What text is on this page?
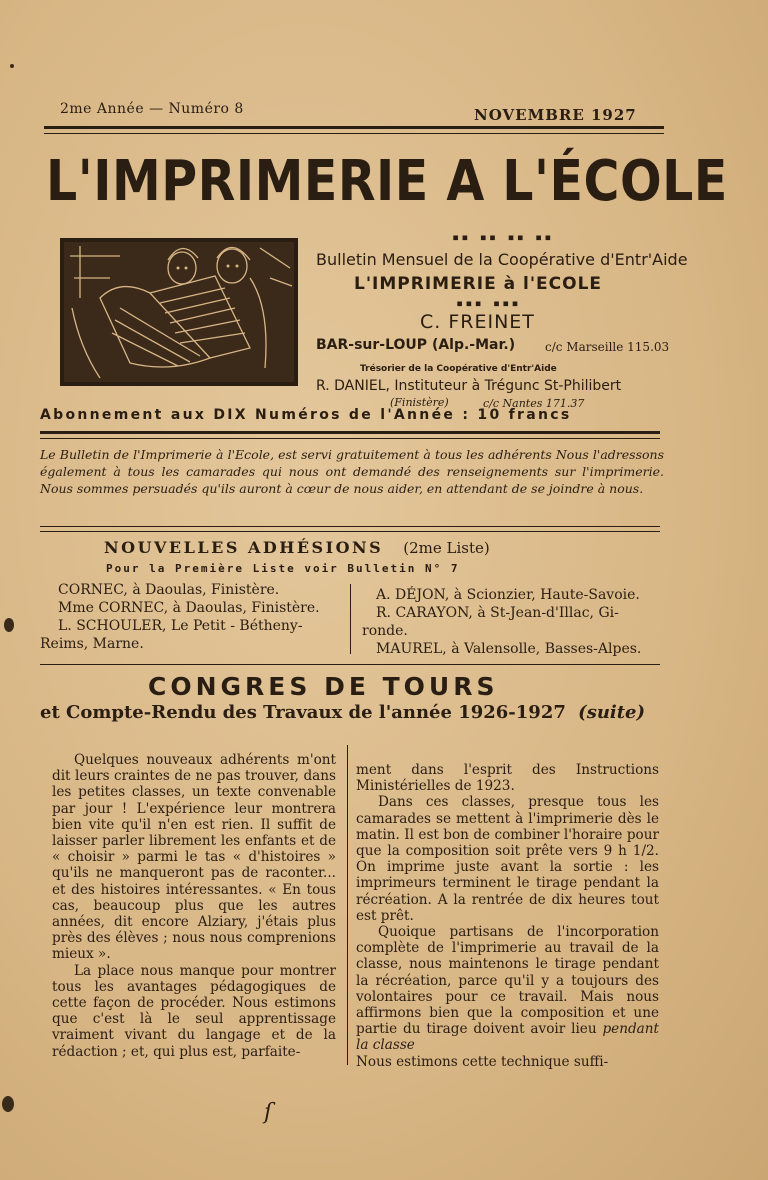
2me Année — Numéro 8	NOVEMBRE 1927
L'IMPRIMERIE A L'ÉCOLE
▪▪ ▪▪ ▪▪ ▪▪
Bulletin Mensuel de la Coopérative d'Entr'Aide
L'IMPRIMERIE à l'ECOLE
▪▪▪ ▪▪▪
C. FREINET
BAR-sur-LOUP (Alp.-Mar.) c/c Marseille 115.03
Trésorier de la Coopérative d'Entr'Aide
R. DANIEL, Instituteur à Trégunc St-Philibert
(Finistère)	c/c Nantes 171.37
Abonnement aux DIX Numéros de l'Année : 10 francs
Le Bulletin de l'Imprimerie à l'Ecole, est servi gratuitement à tous les adhérents Nous l'adressons également à tous les camarades qui nous ont demandé des renseignements sur l'imprimerie. Nous sommes persuadés qu'ils auront à cœur de nous aider, en attendant de se joindre à nous.
NOUVELLES ADHÉSIONS (2me Liste)
Pour la Première Liste voir Bulletin N° 7
CORNEC, à Daoulas, Finistère.
Mme CORNEC, à Daoulas, Finistère.
L. SCHOULER, Le Petit - Bétheny-
Reims, Marne.
A. DÉJON, à Scionzier, Haute-Savoie.
R. CARAYON, à St-Jean-d'Illac, Gi-
ronde.
MAUREL, à Valensolle, Basses-Alpes.
CONGRES DE TOURS
et Compte-Rendu des Travaux de l'année 1926-1927 (suite)

Quelques nouveaux adhérents m'ont dit leurs craintes de ne pas trouver, dans les petites classes, un texte convenable par jour ! L'expérience leur montrera bien vite qu'il n'en est rien. Il suffit de laisser parler librement les enfants et de « choisir » parmi le tas « d'histoires » qu'ils ne manqueront pas de raconter... et des histoires intéressantes. « En tous cas, beaucoup plus que les autres années, dit encore Alziary, j'étais plus près des élèves ; nous nous comprenions mieux ».

La place nous manque pour montrer tous les avantages pédagogiques de cette façon de procéder. Nous estimons que c'est là le seul apprentissage vraiment vivant du langage et de la rédaction ; et, qui plus est, parfaite-

ment dans l'esprit des Instructions Ministérielles de 1923.

Dans ces classes, presque tous les camarades se mettent à l'imprimerie dès le matin. Il est bon de combiner l'horaire pour que la composition soit prête vers 9 h 1/2. On imprime juste avant la sortie : les imprimeurs terminent le tirage pendant la récréation. A la rentrée de dix heures tout est prêt.

Quoique partisans de l'incorporation complète de l'imprimerie au travail de la classe, nous maintenons le tirage pendant la récréation, parce qu'il y a toujours des volontaires pour ce travail. Mais nous affirmons bien que la composition et une partie du tirage doivent avoir lieu pendant la classe

Nous estimons cette technique suffi-

ſ
